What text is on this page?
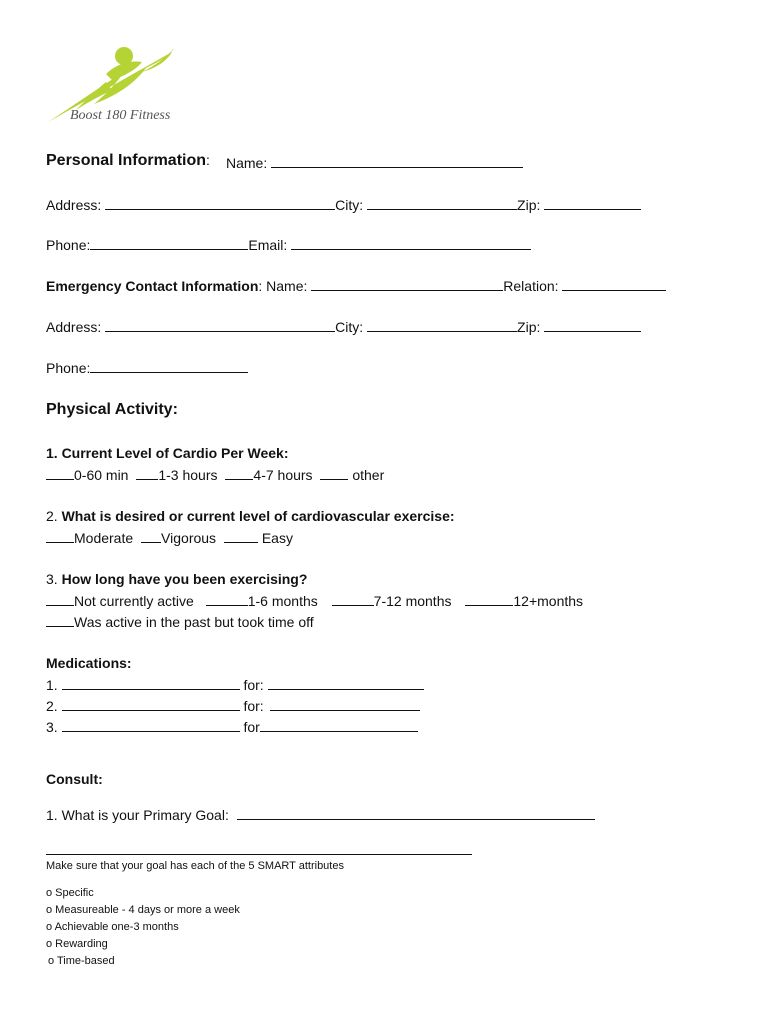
Boost 180 Fitness
Personal Information: Name:
Address:	City:	Zip:
Phone:	Email:
Emergency Contact Information: Name:	Relation:
Address:	City:	Zip:
Phone:
Physical Activity:
1. Current Level of Cardio Per Week:
0-60 min 1-3 hours	4-7 hours	other
2. What is desired or current level of cardiovascular exercise:
Moderate Vigorous	Easy
3. How long have you been exercising?
Not currently active	1-6 months	7-12 months	12+months
Was active in the past but took time off
Medications:
1.	for:
2.	for:
3.	for
Consult:
1. What is your Primary Goal:
Make sure that your goal has each of the 5 SMART attributes
o Specific
o Measureable - 4 days or more a week
o Achievable one-3 months
o Rewarding
o Time-based
